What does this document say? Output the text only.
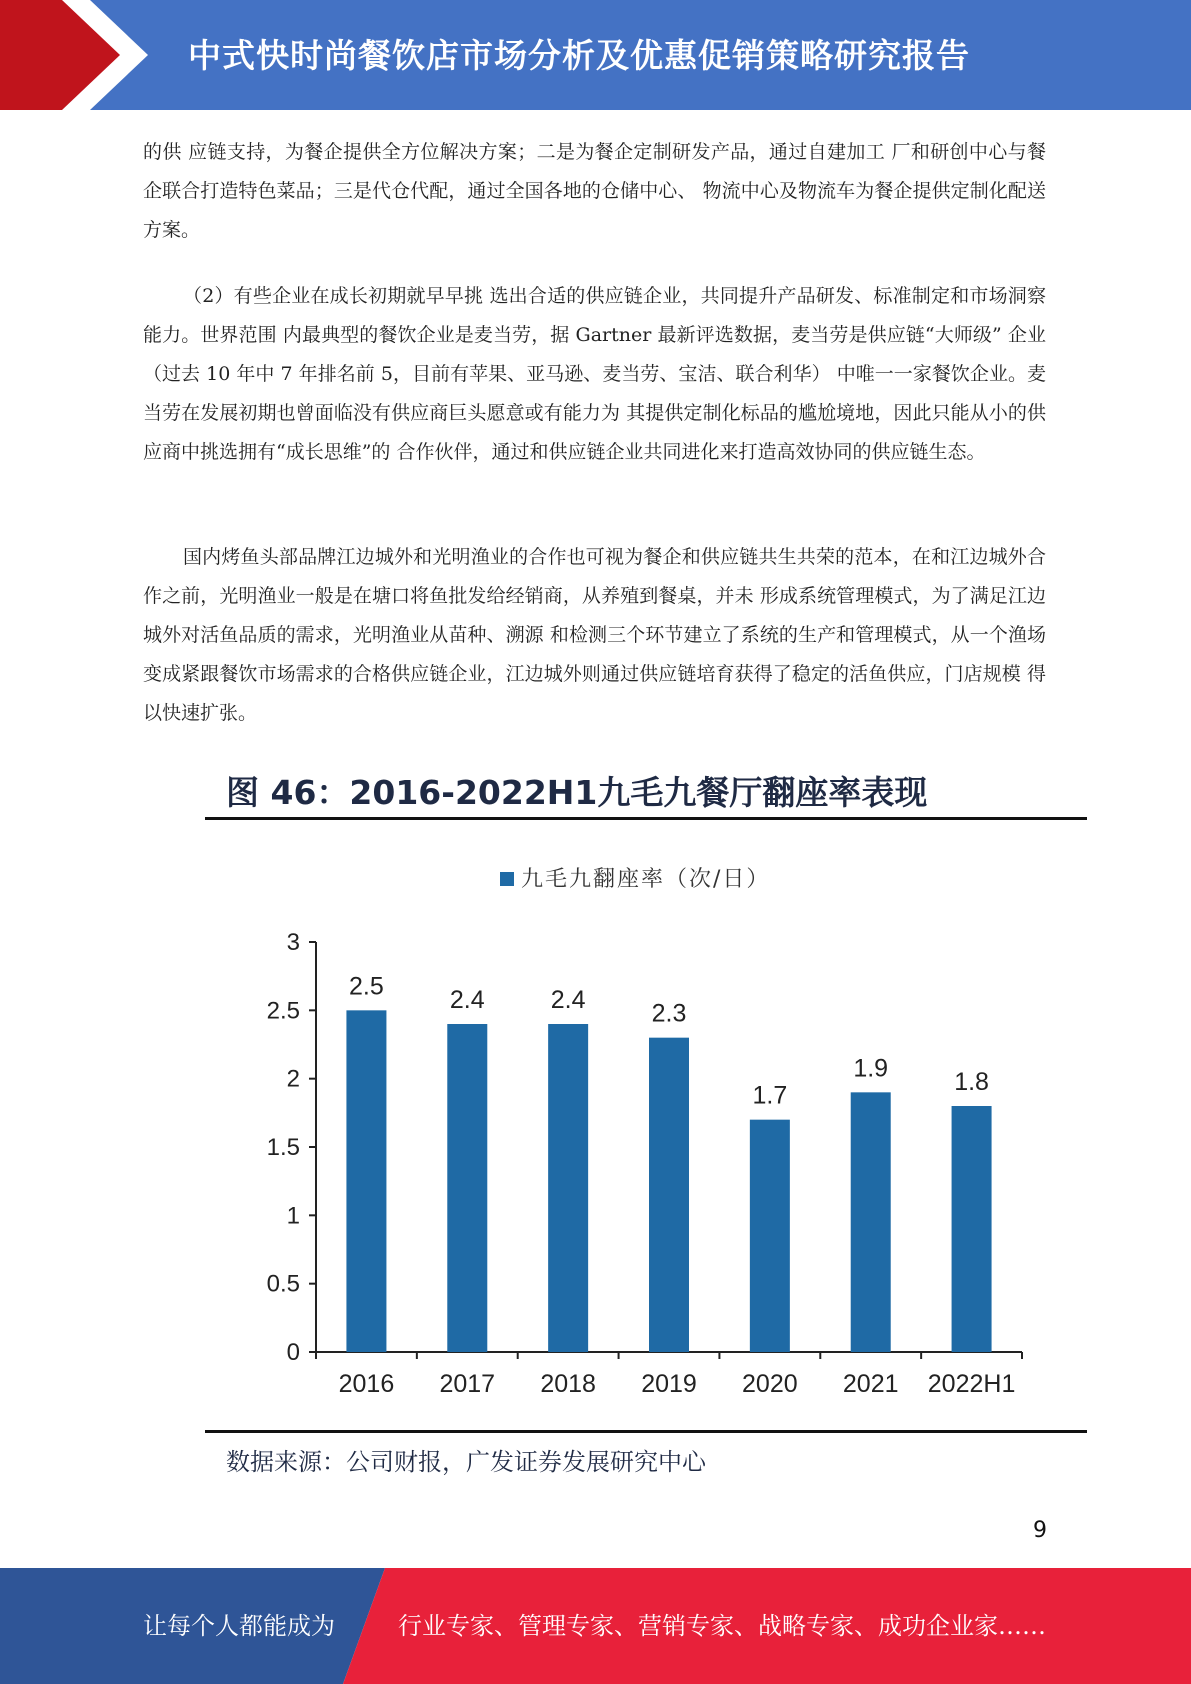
中式快时尚餐饮店市场分析及优惠促销策略研究报告

的供 应链支持，为餐企提供全方位解决方案；二是为餐企定制研发产品，通过自建加工 厂和研创中心与餐企联合打造特色菜品；三是代仓代配，通过全国各地的仓储中心、 物流中心及物流车为餐企提供定制化配送方案。

（2）有些企业在成长初期就早早挑 选出合适的供应链企业，共同提升产品研发、标准制定和市场洞察能力。世界范围 内最典型的餐饮企业是麦当劳，据 Gartner 最新评选数据，麦当劳是供应链“大师级” 企业（过去 10 年中 7 年排名前 5，目前有苹果、亚马逊、麦当劳、宝洁、联合利华） 中唯一一家餐饮企业。麦当劳在发展初期也曾面临没有供应商巨头愿意或有能力为 其提供定制化标品的尴尬境地，因此只能从小的供应商中挑选拥有“成长思维”的 合作伙伴，通过和供应链企业共同进化来打造高效协同的供应链生态。

国内烤鱼头部品牌江边城外和光明渔业的合作也可视为餐企和供应链共生共荣的范本，在和江边城外合作之前，光明渔业一般是在塘口将鱼批发给经销商，从养殖到餐桌，并未 形成系统管理模式，为了满足江边城外对活鱼品质的需求，光明渔业从苗种、溯源 和检测三个环节建立了系统的生产和管理模式，从一个渔场变成紧跟餐饮市场需求的合格供应链企业，江边城外则通过供应链培育获得了稳定的活鱼供应，门店规模 得以快速扩张。

图 46：2016-2022H1九毛九餐厅翻座率表现
九毛九翻座率（次/日）
0
0.5
1
1.5
2
2.5
3
2016 2017 2018 2019 2020 2021 2022H1
2.5	2.4	2.4	2.3
1.7
1.9	1.8
数据来源：公司财报，广发证券发展研究中心
9
让每个人都能成为	行业专家、管理专家、营销专家、战略专家、成功企业家……
